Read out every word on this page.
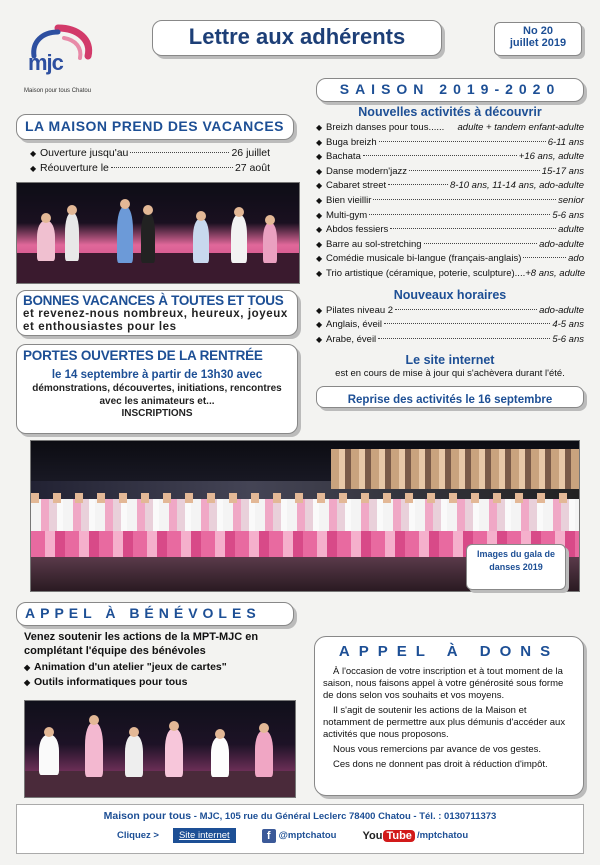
mjc
Maison pour tous Chatou
Lettre aux adhérents	No 20
juillet 2019
LA MAISON PREND DES VACANCES
◆ Ouverture jusqu'au	26 juillet
◆ Réouverture le	27 août
BONNES VACANCES À TOUTES ET TOUS
et revenez-nous nombreux, heureux, joyeux et enthousiastes pour les
PORTES OUVERTES DE LA RENTRÉE
le 14 septembre à partir de 13h30 avec
démonstrations, découvertes, initiations, rencontres avec les animateurs et...
INSCRIPTIONS
SAISON 2019-2020
Nouvelles activités à découvrir
◆ Breizh danses pour tous...... adulte + tandem enfant-adulte
◆ Buga breizh	6-11 ans
◆ Bachata	+16 ans, adulte
◆ Danse modern'jazz	15-17 ans
◆ Cabaret street	8-10 ans, 11-14 ans, ado-adulte
◆ Bien vieillir	senior
◆ Multi-gym	5-6 ans
◆ Abdos fessiers	adulte
◆ Barre au sol-stretching	ado-adulte
◆ Comédie musicale bi-langue (français-anglais)	ado
◆ Trio artistique (céramique, poterie, sculpture).... +8 ans, adulte
Nouveaux horaires
◆ Pilates niveau 2	ado-adulte
◆ Anglais, éveil	4-5 ans
◆ Arabe, éveil	5-6 ans
Le site internet
est en cours de mise à jour qui s'achèvera durant l'été.
Reprise des activités le 16 septembre
Images du gala de danses 2019
APPEL À BÉNÉVOLES
Venez soutenir les actions de la MPT-MJC en complétant l'équipe des bénévoles
◆ Animation d'un atelier "jeux de cartes"
◆ Outils informatiques pour tous
APPEL À DONS
À l'occasion de votre inscription et à tout moment de la saison, nous faisons appel à votre générosité sous forme de dons selon vos souhaits et vos moyens.
Il s'agit de soutenir les actions de la Maison et notamment de permettre aux plus démunis d'accéder aux activités que nous proposons.
Nous vous remercions par avance de vos gestes.
Ces dons ne donnent pas droit à réduction d'impôt.
Maison pour tous - MJC, 105 rue du Général Leclerc 78400 Chatou - Tél. : 0130711373
Cliquez >	Site internet	f @mptchatou You Tube /mptchatou
